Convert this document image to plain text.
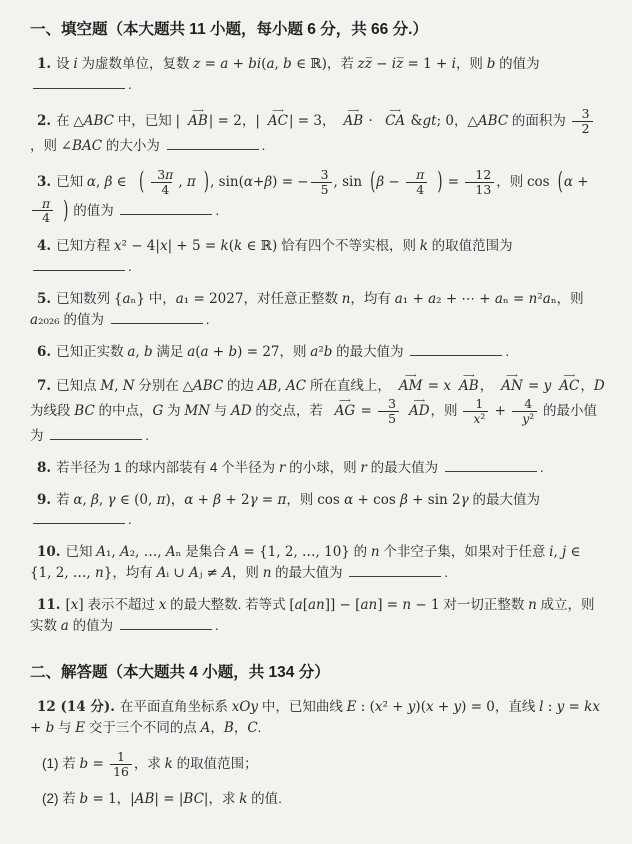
一、填空题（本大题共 11 小题，每小题 6 分，共 66 分.）

1. 设 i 为虚数单位，复数 z = a + bi(a, b ∈ ℝ)，若 zz̅ − iz̅ = 1 + i，则 b 的值为 .

2. 在 △ABC 中，已知 |
⟶
AB| = 2，|
⟶
AC| = 3，
⟶
AB ·
⟶
CA &gt; 0，△ABC 的面积为 $\frac{3}{2}$
，则 ∠BAC 的大小为	.

3. 已知 α, β ∈ ( $\frac{3\pi}{4}$ , π ), sin(α+β) = − $\frac{3}{5}$ , $\sin (\beta - \frac{\pi}{4}$ ) = $\frac{12}{13}$ ，则 cos (α +
$\frac{\pi}{4}$ ) 的值为	.

4. 已知方程 x² − 4|x| + 5 = k(k ∈ ℝ) 恰有四个不等实根，则 k 的取值范围为 .

5. 已知数列 {aₙ} 中，a₁ = 2027，对任意正整数 n，均有 a₁ + a₂ + ⋯ + aₙ = n²aₙ，则 a₂₀₂₆ 的值为	.

6. 已知正实数 a, b 满足 a(a + b) = 27，则 a²b 的最大值为	.

7. 已知点 M, N 分别在 △ABC 的边 AB, AC 所在直线上，
⟶
AM = x
⟶
AB，
⟶
AN = y
⟶
AC，D 为线段 BC 的中点，G 为 MN 与 AD 的交点，若
⟶
AG = $\frac{3}{5}$	⟶
AD，则 $\frac{1}{\text{x²}} + \frac{4}{\text{y²}}$ 的最小值为	.

8. 若半径为 1 的球内部装有 4 个半径为 r 的小球，则 r 的最大值为	.

9. 若 α, β, γ ∈ (0, π)，α + β + 2γ = π，则 cos α + cos β + sin 2γ 的最大值为 .

10. 已知 A₁, A₂, …, Aₙ 是集合 A = {1, 2, …, 10} 的 n 个非空子集，如果对于任意 i, j ∈ {1, 2, …, n}，均有 Aᵢ ∪ Aⱼ ≠ A，则 n 的最大值为	.

11. [x] 表示不超过 x 的最大整数. 若等式 [a[an]] − [an] = n − 1 对一切正整数 n 成立，则实数 a 的值为	.

二、解答题（本大题共 4 小题，共 134 分）

12 (14 分). 在平面直角坐标系 xOy 中，已知曲线 E : (x² + y)(x + y) = 0，直线 l : y = kx + b 与 E 交于三个不同的点 A，B，C.

(1) 若 $b = \frac{1}{16}$ ，求 k 的取值范围；

(2) 若 b = 1，|AB| = |BC|，求 k 的值.
